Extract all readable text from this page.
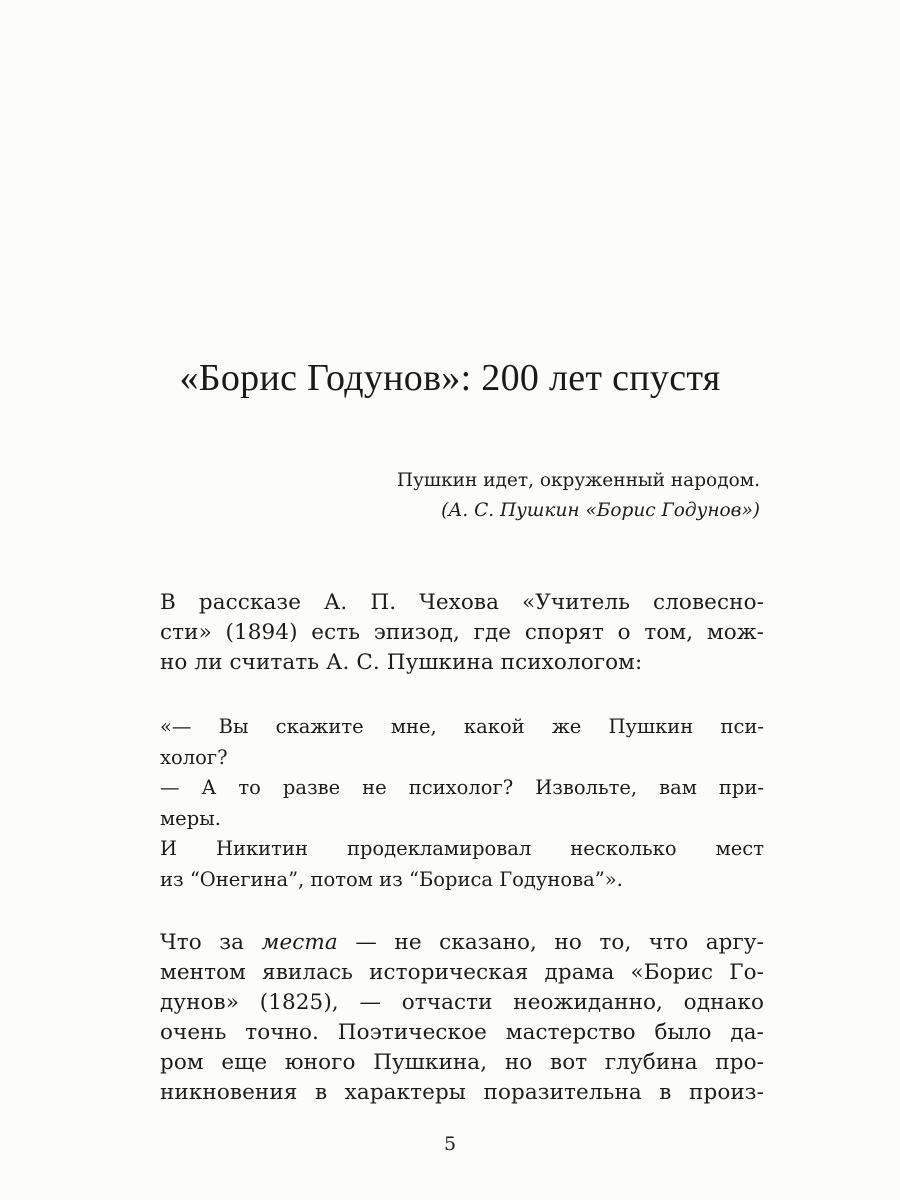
«Борис Годунов»: 200 лет спустя
Пушкин идет, окруженный народом.
(А. С. Пушкин «Борис Годунов»)
В рассказе А. П. Чехова «Учитель словесно-
сти» (1894) есть эпизод, где спорят о том, мож-
но ли считать А. С. Пушкина психологом:
«— Вы скажите мне, какой же Пушкин пси-
холог?
— А то разве не психолог? Извольте, вам при-
меры.
И Никитин продекламировал несколько мест
из “Онегина”, потом из “Бориса Годунова”».
Что за места — не сказано, но то, что аргу-
ментом явилась историческая драма «Борис Го-
дунов» (1825), — отчасти неожиданно, однако
очень точно. Поэтическое мастерство было да-
ром еще юного Пушкина, но вот глубина про-
никновения в характеры поразительна в произ-
5
